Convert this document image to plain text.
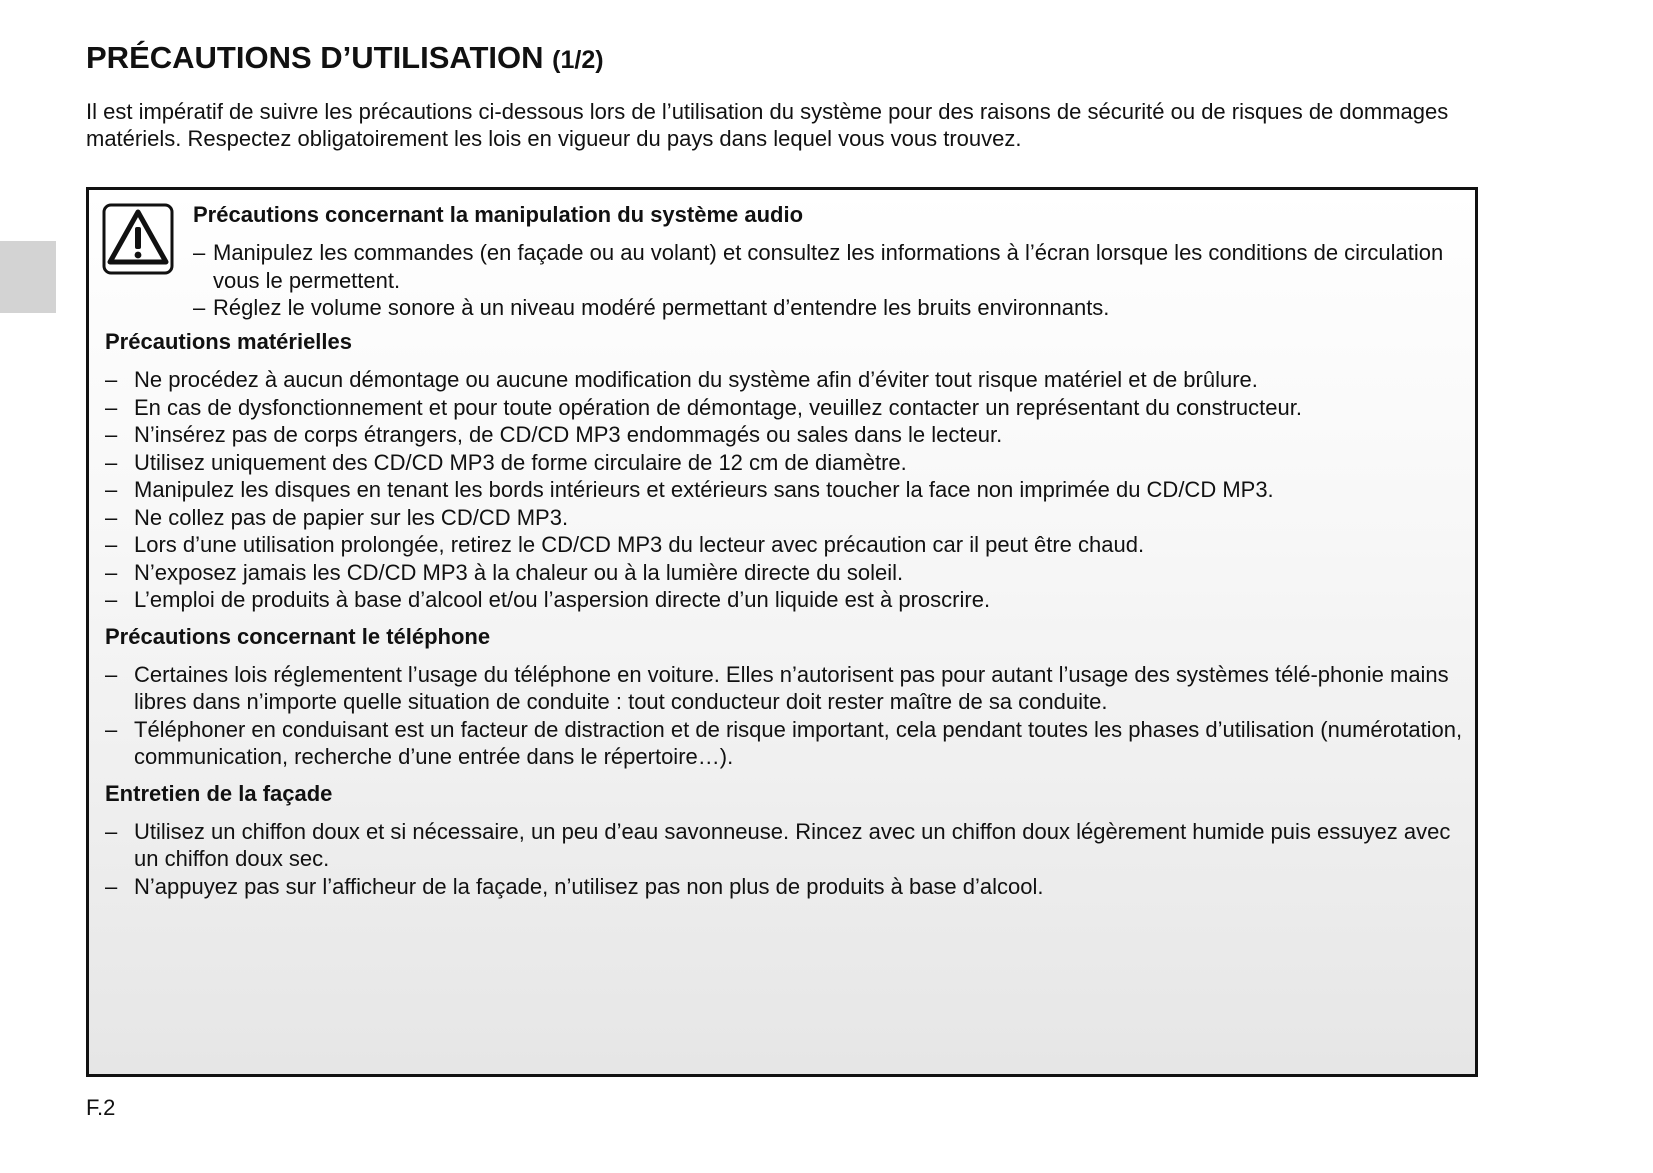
PRÉCAUTIONS D’UTILISATION (1/2)

Il est impératif de suivre les précautions ci-dessous lors de l’utilisation du système pour des raisons de sécurité ou de risques de dommages matériels. Respectez obligatoirement les lois en vigueur du pays dans lequel vous vous trouvez.

Précautions concernant la manipulation du système audio
– Manipulez les commandes (en façade ou au volant) et consultez les informations à l’écran lorsque les conditions de circulation vous le permettent.
– Réglez le volume sonore à un niveau modéré permettant d’entendre les bruits environnants.
Précautions matérielles
– Ne procédez à aucun démontage ou aucune modification du système afin d’éviter tout risque matériel et de brûlure.
– En cas de dysfonctionnement et pour toute opération de démontage, veuillez contacter un représentant du constructeur.
– N’insérez pas de corps étrangers, de CD/CD MP3 endommagés ou sales dans le lecteur.
– Utilisez uniquement des CD/CD MP3 de forme circulaire de 12 cm de diamètre.
– Manipulez les disques en tenant les bords intérieurs et extérieurs sans toucher la face non imprimée du CD/CD MP3.
– Ne collez pas de papier sur les CD/CD MP3.
– Lors d’une utilisation prolongée, retirez le CD/CD MP3 du lecteur avec précaution car il peut être chaud.
– N’exposez jamais les CD/CD MP3 à la chaleur ou à la lumière directe du soleil.
– L’emploi de produits à base d’alcool et/ou l’aspersion directe d’un liquide est à proscrire.
Précautions concernant le téléphone
– Certaines lois réglementent l’usage du téléphone en voiture. Elles n’autorisent pas pour autant l’usage des systèmes télé-phonie mains libres dans n’importe quelle situation de conduite : tout conducteur doit rester maître de sa conduite.
– Téléphoner en conduisant est un facteur de distraction et de risque important, cela pendant toutes les phases d’utilisation (numérotation, communication, recherche d’une entrée dans le répertoire…).
Entretien de la façade
– Utilisez un chiffon doux et si nécessaire, un peu d’eau savonneuse. Rincez avec un chiffon doux légèrement humide puis essuyez avec un chiffon doux sec.
– N’appuyez pas sur l’afficheur de la façade, n’utilisez pas non plus de produits à base d’alcool.
F.2
